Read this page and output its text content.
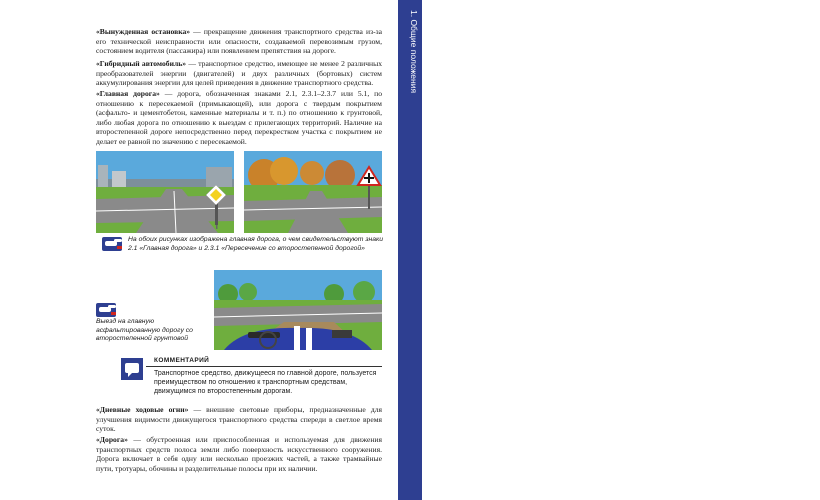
«Вынужденная остановка» — прекращение движения транспортного средства из-за его технической неисправности или опасности, создаваемой перевозимым грузом, состоянием водителя (пассажира) или появлением препятствия на дороге.

«Гибридный автомобиль» — транспортное средство, имеющее не менее 2 различных преобразователей энергии (двигателей) и двух различных (бортовых) систем аккумулирования энергии для целей приведения в движение транспортного средства.

«Главная дорога» — дорога, обозначенная знаками 2.1, 2.3.1–2.3.7 или 5.1, по отношению к пересекаемой (примыкающей), или дорога с твердым покрытием (асфальто- и цементобетон, каменные материалы и т. п.) по отношению к грунтовой, либо любая дорога по отношению к выездам с прилегающих территорий. Наличие на второстепенной дороге непосредственно перед перекрестком участка с покрытием не делает ее равной по значению с пересекаемой.

На обоих рисунках изображена главная дорога, о чем свидетельствуют знаки 2.1 «Главная дорога» и 2.3.1 «Пересечение со второстепенной дорогой»

Выезд на главную асфальтированную дорогу со второстепенной грунтовой

КОММЕНТАРИЙ

Транспортное средство, движущееся по главной дороге, пользуется преимуществом по отношению к транспортным средствам, движущимся по второстепенным дорогам.

«Дневные ходовые огни» — внешние световые приборы, предназначенные для улучшения видимости движущегося транспортного средства спереди в светлое время суток.

«Дорога» — обустроенная или приспособленная и используемая для движения транспортных средств полоса земли либо поверхность искусственного сооружения. Дорога включает в себя одну или несколько проезжих частей, а также трамвайные пути, тротуары, обочины и разделительные полосы при их наличии.

1. Общие положения
7
